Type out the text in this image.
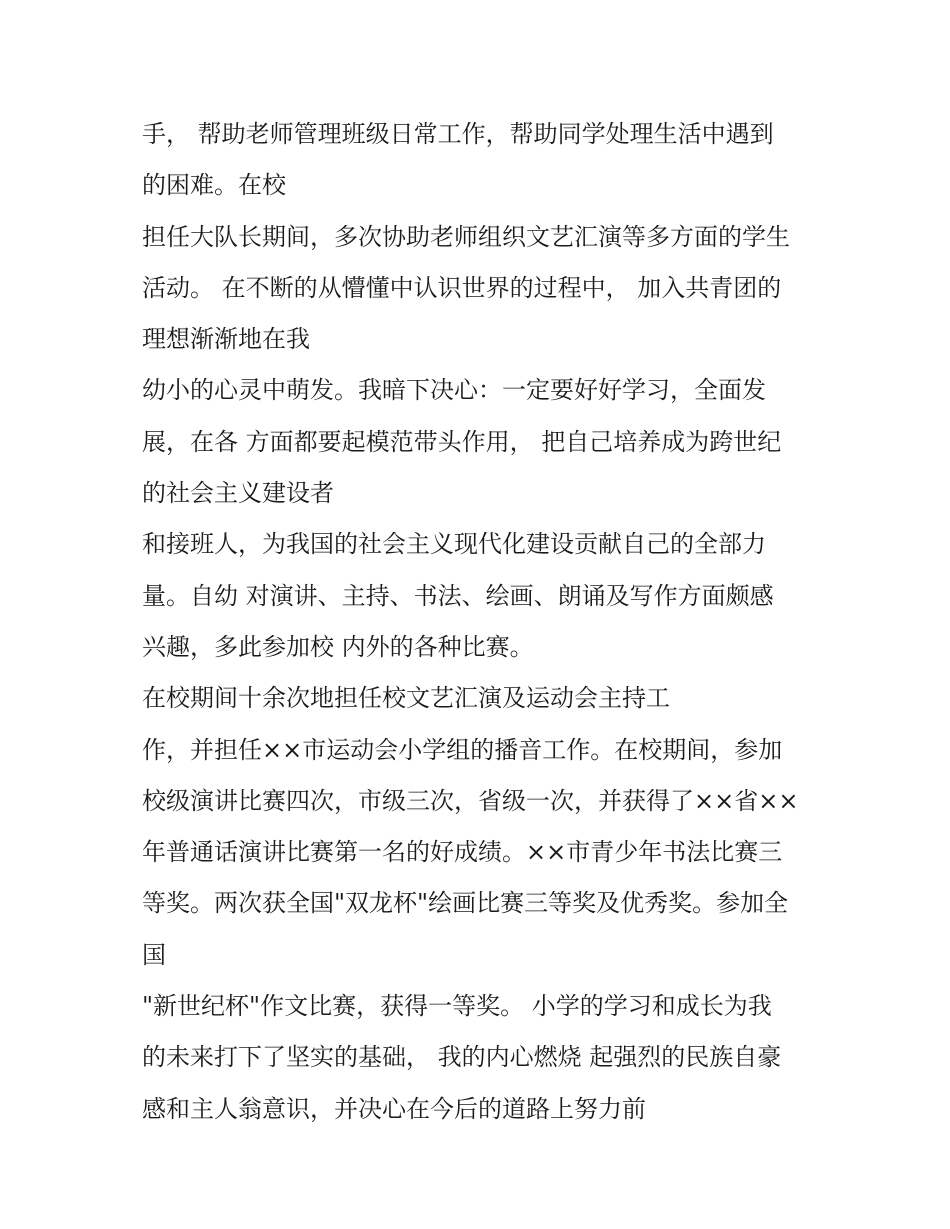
手， 帮助老师管理班级日常工作，帮助同学处理生活中遇到

的困难。在校

担任大队长期间，多次协助老师组织文艺汇演等多方面的学生

活动。 在不断的从懵懂中认识世界的过程中， 加入共青团的

理想渐渐地在我

幼小的心灵中萌发。我暗下决心：一定要好好学习，全面发

展，在各 方面都要起模范带头作用， 把自己培养成为跨世纪

的社会主义建设者

和接班人，为我国的社会主义现代化建设贡献自己的全部力

量。自幼 对演讲、主持、书法、绘画、朗诵及写作方面颇感

兴趣，多此参加校 内外的各种比赛。

在校期间十余次地担任校文艺汇演及运动会主持工

作，并担任××市运动会小学组的播音工作。在校期间，参加

校级演讲比赛四次，市级三次，省级一次，并获得了××省××

年普通话演讲比赛第一名的好成绩。××市青少年书法比赛三

等奖。两次获全国"双龙杯"绘画比赛三等奖及优秀奖。参加全

国

"新世纪杯"作文比赛，获得一等奖。 小学的学习和成长为我

的未来打下了坚实的基础， 我的内心燃烧 起强烈的民族自豪

感和主人翁意识，并决心在今后的道路上努力前
